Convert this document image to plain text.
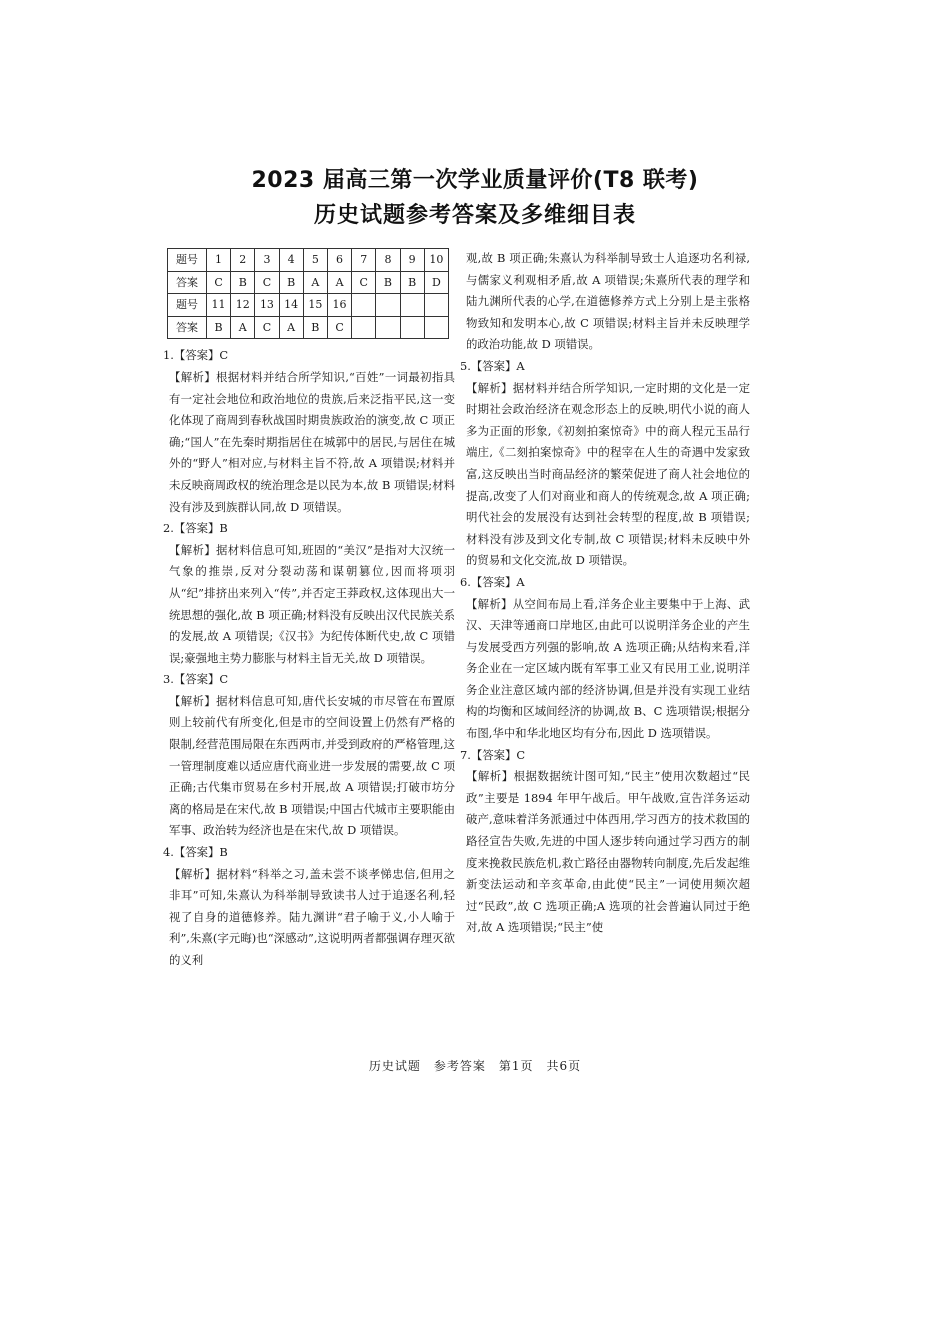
2023 届高三第一次学业质量评价(T8 联考)
历史试题参考答案及多维细目表
题号	1	2	3	4	5	6	7	8	9	10
答案	C	B	C	B	A	A	C	B	B	D
题号	11	12	13	14	15	16				
答案	B	A	C	A	B	C				
1.【答案】C
【解析】根据材料并结合所学知识,“百姓”一词最初指具有一定社会地位和政治地位的贵族,后来泛指平民,这一变化体现了商周到春秋战国时期贵族政治的演变,故 C 项正确;“国人”在先秦时期指居住在城郭中的居民,与居住在城外的“野人”相对应,与材料主旨不符,故 A 项错误;材料并未反映商周政权的统治理念是以民为本,故 B 项错误;材料没有涉及到族群认同,故 D 项错误。
2.【答案】B
【解析】据材料信息可知,班固的“美汉”是指对大汉统一气象的推崇,反对分裂动荡和谋朝篡位,因而将项羽从“纪”排挤出来列入“传”,并否定王莽政权,这体现出大一统思想的强化,故 B 项正确;材料没有反映出汉代民族关系的发展,故 A 项错误;《汉书》为纪传体断代史,故 C 项错误;豪强地主势力膨胀与材料主旨无关,故 D 项错误。
3.【答案】C
【解析】据材料信息可知,唐代长安城的市尽管在布置原则上较前代有所变化,但是市的空间设置上仍然有严格的限制,经营范围局限在东西两市,并受到政府的严格管理,这一管理制度难以适应唐代商业进一步发展的需要,故 C 项正确;古代集市贸易在乡村开展,故 A 项错误;打破市坊分离的格局是在宋代,故 B 项错误;中国古代城市主要职能由军事、政治转为经济也是在宋代,故 D 项错误。
4.【答案】B
【解析】据材料“科举之习,盖未尝不谈孝悌忠信,但用之非耳”可知,朱熹认为科举制导致读书人过于追逐名利,轻视了自身的道德修养。陆九渊讲“君子喻于义,小人喻于利”,朱熹(字元晦)也“深感动”,这说明两者都强调存理灭欲的义利
观,故 B 项正确;朱熹认为科举制导致士人追逐功名利禄,与儒家义利观相矛盾,故 A 项错误;朱熹所代表的理学和陆九渊所代表的心学,在道德修养方式上分别上是主张格物致知和发明本心,故 C 项错误;材料主旨并未反映理学的政治功能,故 D 项错误。
5.【答案】A
【解析】据材料并结合所学知识,一定时期的文化是一定时期社会政治经济在观念形态上的反映,明代小说的商人多为正面的形象,《初刻拍案惊奇》中的商人程元玉品行端庄,《二刻拍案惊奇》中的程宰在人生的奇遇中发家致富,这反映出当时商品经济的繁荣促进了商人社会地位的提高,改变了人们对商业和商人的传统观念,故 A 项正确;明代社会的发展没有达到社会转型的程度,故 B 项错误;材料没有涉及到文化专制,故 C 项错误;材料未反映中外的贸易和文化交流,故 D 项错误。
6.【答案】A
【解析】从空间布局上看,洋务企业主要集中于上海、武汉、天津等通商口岸地区,由此可以说明洋务企业的产生与发展受西方列强的影响,故 A 选项正确;从结构来看,洋务企业在一定区域内既有军事工业又有民用工业,说明洋务企业注意区域内部的经济协调,但是并没有实现工业结构的均衡和区域间经济的协调,故 B、C 选项错误;根据分布图,华中和华北地区均有分布,因此 D 选项错误。
7.【答案】C
【解析】根据数据统计图可知,“民主”使用次数超过“民政”主要是 1894 年甲午战后。甲午战败,宣告洋务运动破产,意味着洋务派通过中体西用,学习西方的技术救国的路径宣告失败,先进的中国人逐步转向通过学习西方的制度来挽救民族危机,救亡路径由器物转向制度,先后发起维新变法运动和辛亥革命,由此使“民主”一词使用频次超过“民政”,故 C 选项正确;A 选项的社会普遍认同过于绝对,故 A 选项错误;“民主”使
历史试题　参考答案　第1页　共6页
